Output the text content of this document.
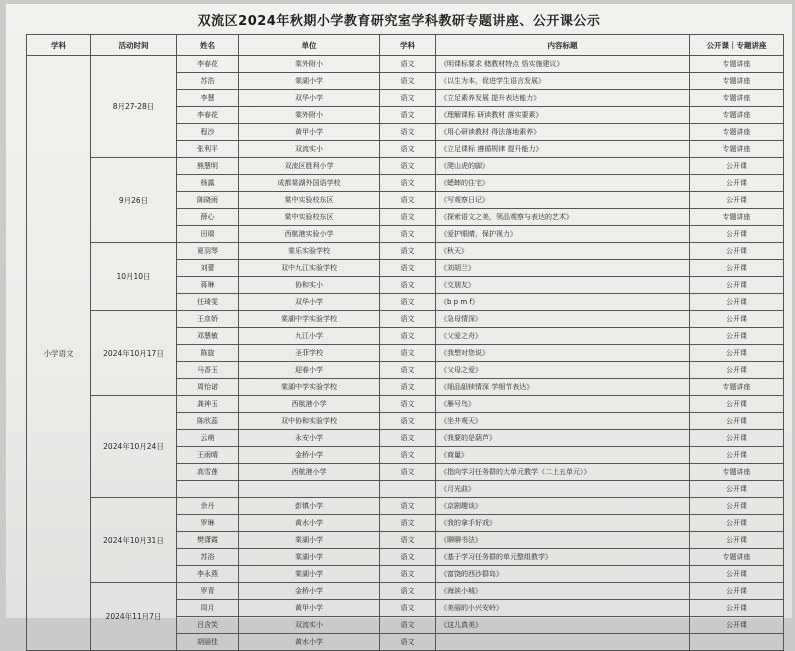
双流区2024年秋期小学教育研究室学科教研专题讲座、公开课公示
学科	活动时间	姓名	单位	学科	内容标题	公开课｜专题讲座
小学语文	8月27-28日	李春花	棠外附小	语文	《明课标要求 赌教材特点 悟实施建议》	专题讲座
		苏浩	棠湖小学	语文	《以生为本，促进学生语言发展》	专题讲座
		李慧	双华小学	语文	《立足素养发展 提升表达能力》	专题讲座
		李春花	棠外附小	语文	《理解课标 研读教材 落实要素》	专题讲座
		程沙	黄甲小学	语文	《用心研读教材 得法落地素养》	专题讲座
		张利平	双流实小	语文	《立足课标 遵循规律 提升能力》	专题讲座
	9月26日	熊慧明	双流区胜利小学	语文	《爬山虎的脚》	公开课
		杨露	成都棠湖外国语学校	语文	《蟋蟀的住宅》	公开课
		陈晓雨	棠中实验校东区	语文	《写观察日记》	公开课
		薛心	棠中实验校东区	语文	《探索语文之美，领品观察与表达的艺术》	专题讲座
		田瑞	西航港实验小学	语文	《爱护眼睛，保护视力》	公开课
	10月10日	夏羽琴	棠乐实验学校	语文	《秋天》	公开课
		刘蕾	双中九江实验学校	语文	《刘胡兰》	公开课
		蒋琳	协和实小	语文	《交朋友》	公开课
		任琦雯	双华小学	语文	《b p m f》	公开课
	2024年10月17日	王彦娇	棠湖中学实验学校	语文	《急母情深》	公开课
		邓慧敏	九江小学	语文	《父爱之舟》	公开课
		陈旋	圣菲学校	语文	《我想对您说》	公开课
		马香玉	迎春小学	语文	《父母之爱》	公开课
		周怡诺	棠湖中学实验学校	语文	《细品舐犊情深 学细节表达》	专题讲座
	2024年10月24日	龚神玉	西航港小学	语文	《雁号鸟》	公开课
		陈欣蕊	双中协和实验学校	语文	《坐井观天》	公开课
		云萌	永安小学	语文	《我要的是葫芦》	公开课
		王雨晴	金桥小学	语文	《商量》	公开课
		高雪莲	西航港小学	语文	《指向学习任务群的大单元教学（二上五单元）》	专题讲座
					《月光曲》	公开课
	2024年10月31日	余丹	彭镇小学	语文	《京剧趣谈》	公开课
		罗琳	黄水小学	语文	《我的拿手好戏》	公开课
		樊潇霞	棠湖小学	语文	《聊聊书法》	公开课
		苏浴	棠湖小学	语文	《基于学习任务群的单元整组教学》	专题讲座
		李永燕	棠湖小学	语文	《富饶的西沙群岛》	公开课
	2024年11月7日	罗青	金桥小学	语文	《海滨小城》	公开课
		周月	黄甲小学	语文	《美丽的小兴安岭》	公开课
		吕含笑	双流实小	语文	《这儿真美》	公开课
		胡丽佳	黄水小学	语文		
